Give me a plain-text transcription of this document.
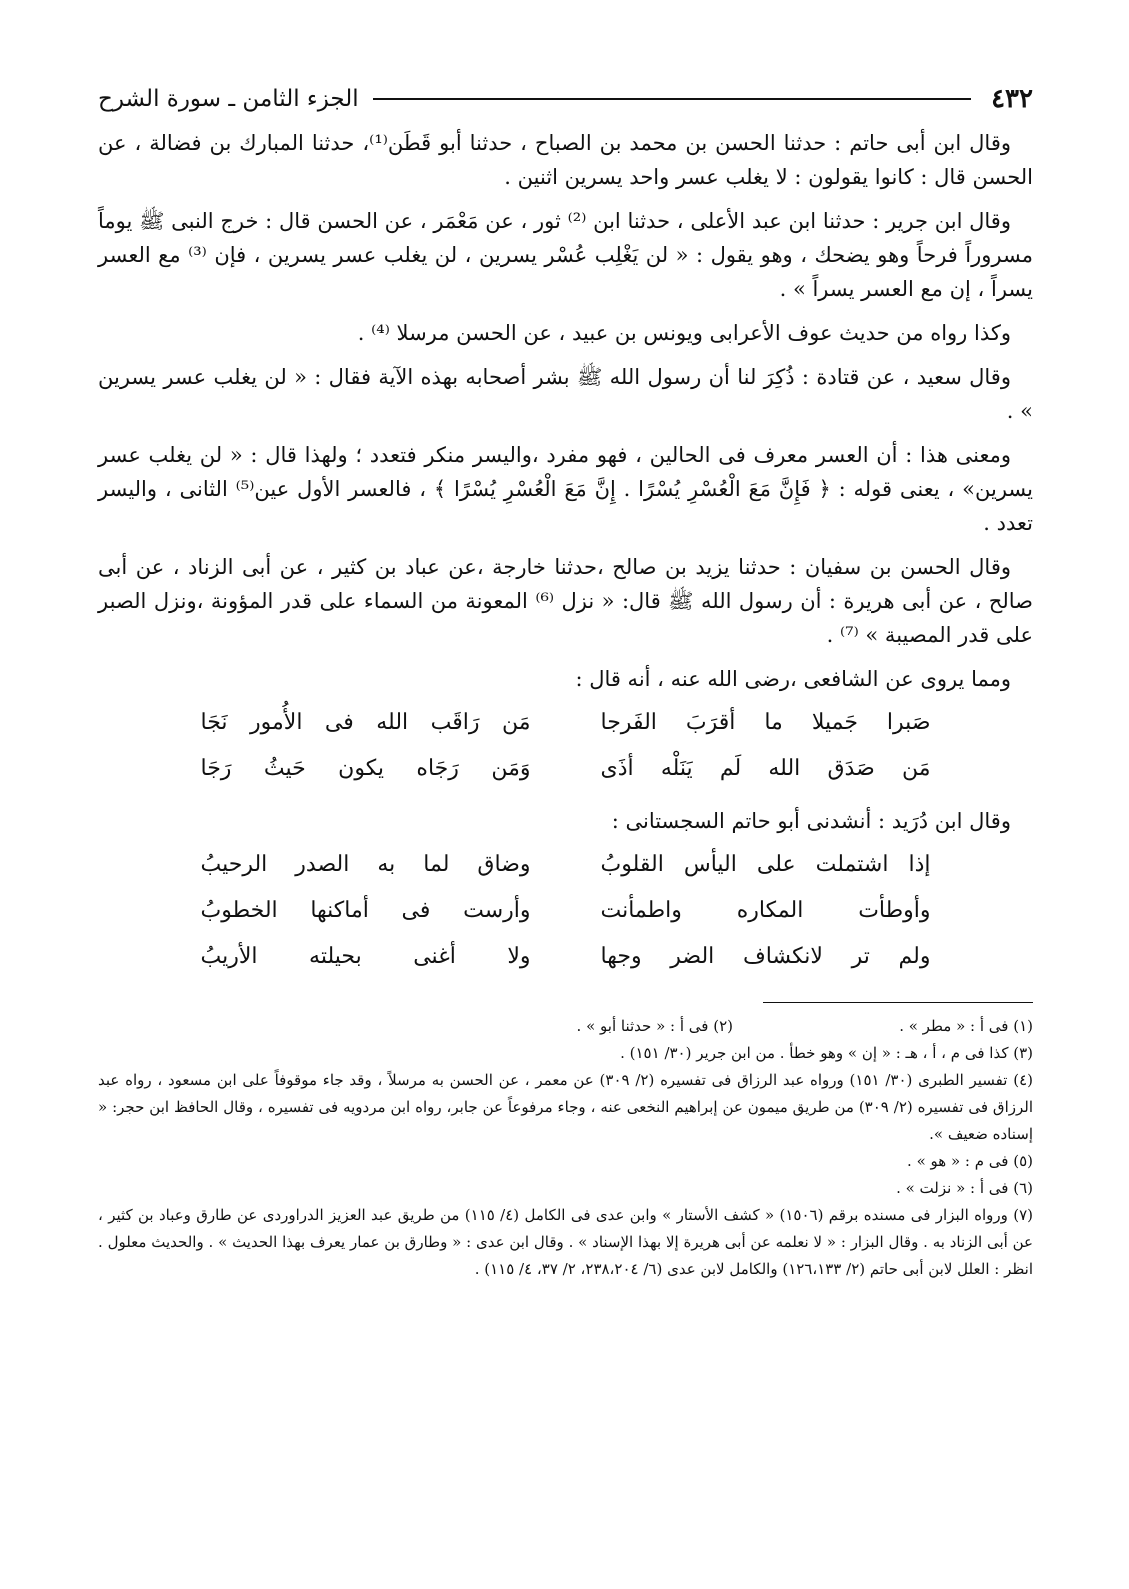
٤٣٢
الجزء الثامن ـ سورة الشرح

وقال ابن أبى حاتم : حدثنا الحسن بن محمد بن الصباح ، حدثنا أبو قَطَن⁽¹⁾، حدثنا المبارك بن فضالة ، عن الحسن قال : كانوا يقولون : لا يغلب عسر واحد يسرين اثنين .

وقال ابن جرير : حدثنا ابن عبد الأعلى ، حدثنا ابن ⁽²⁾ ثور ، عن مَعْمَر ، عن الحسن قال : خرج النبى ﷺ يوماً مسروراً فرحاً وهو يضحك ، وهو يقول : « لن يَغْلِب عُسْر يسرين ، لن يغلب عسر يسرين ، فإن ⁽³⁾ مع العسر يسراً ، إن مع العسر يسراً » .

وكذا رواه من حديث عوف الأعرابى ويونس بن عبيد ، عن الحسن مرسلا ⁽⁴⁾ .

وقال سعيد ، عن قتادة : ذُكِرَ لنا أن رسول الله ﷺ بشر أصحابه بهذه الآية فقال : « لن يغلب عسر يسرين » .

ومعنى هذا : أن العسر معرف فى الحالين ، فهو مفرد ،واليسر منكر فتعدد ؛ ولهذا قال : « لن يغلب عسر يسرين» ، يعنى قوله : ﴿ فَإِنَّ مَعَ الْعُسْرِ يُسْرًا . إِنَّ مَعَ الْعُسْرِ يُسْرًا ﴾ ، فالعسر الأول عين⁽⁵⁾ الثانى ، واليسر تعدد .

وقال الحسن بن سفيان : حدثنا يزيد بن صالح ،حدثنا خارجة ،عن عباد بن كثير ، عن أبى الزناد ، عن أبى صالح ، عن أبى هريرة : أن رسول الله ﷺ قال: « نزل ⁽⁶⁾ المعونة من السماء على قدر المؤونة ،ونزل الصبر على قدر المصيبة » ⁽⁷⁾ .

ومما يروى عن الشافعى ،رضى الله عنه ، أنه قال :

صَبرا جَميلا ما أقرَبَ الفَرجا
مَن رَاقَب الله فى الأُمور نَجَا
مَن صَدَق الله لَم يَنَلْه أذَى
وَمَن رَجَاه يكون حَيثُ رَجَا

وقال ابن دُرَيد : أنشدنى أبو حاتم السجستانى :

إذا اشتملت على اليأس القلوبُ
وضاق لما به الصدر الرحيبُ
وأوطأت المكاره واطمأنت
وأرست فى أماكنها الخطوبُ
ولم تر لانكشاف الضر وجها
ولا أغنى بحيلته الأريبُ

(١) فى أ : « مطر » .

(٢) فى أ : « حدثنا أبو » .

(٣) كذا فى م ، أ ، هـ : « إن » وهو خطأ . من ابن جرير (٣٠/ ١٥١) .

(٤) تفسير الطبرى (٣٠/ ١٥١) ورواه عبد الرزاق فى تفسيره (٢/ ٣٠٩) عن معمر ، عن الحسن به مرسلاً ، وقد جاء موقوفاً على ابن مسعود ، رواه عبد الرزاق فى تفسيره (٢/ ٣٠٩) من طريق ميمون عن إبراهيم النخعى عنه ، وجاء مرفوعاً عن جابر، رواه ابن مردويه فى تفسيره ، وقال الحافظ ابن حجر: « إسناده ضعيف ».

(٥) فى م : « هو » .

(٦) فى أ : « نزلت » .

(٧) ورواه البزار فى مسنده برقم (١٥٠٦) « كشف الأستار » وابن عدى فى الكامل (٤/ ١١٥) من طريق عبد العزيز الدراوردى عن طارق وعباد بن كثير ، عن أبى الزناد به . وقال البزار : « لا نعلمه عن أبى هريرة إلا بهذا الإسناد » . وقال ابن عدى : « وطارق بن عمار يعرف بهذا الحديث » . والحديث معلول . انظر : العلل لابن أبى حاتم (٢/ ١٢٦،١٣٣) والكامل لابن عدى (٦/ ٢٣٨،٢٠٤، ٢/ ٣٧، ٤/ ١١٥) .
